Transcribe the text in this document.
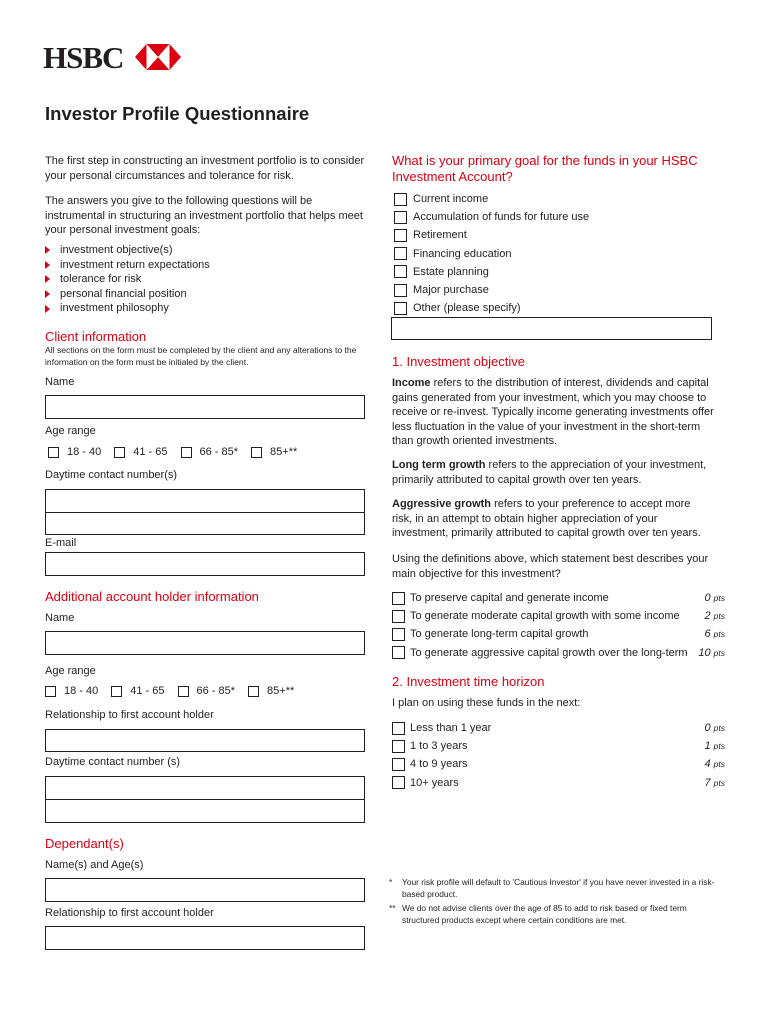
HSBC
Investor Profile Questionnaire
The first step in constructing an investment portfolio is to consider your personal circumstances and tolerance for risk.
The answers you give to the following questions will be instrumental in structuring an investment portfolio that helps meet your personal investment goals:
investment objective(s)
investment return expectations
tolerance for risk
personal financial position
investment philosophy
Client information
All sections on the form must be completed by the client and any alterations to the information on the form must be initialed by the client.
Name
Age range
18 - 40	41 - 65	66 - 85*	85+**
Daytime contact number(s)
E-mail
Additional account holder information
Name
Age range
18 - 40	41 - 65	66 - 85*	85+**
Relationship to first account holder
Daytime contact number (s)
Dependant(s)
Name(s) and Age(s)
Relationship to first account holder
What is your primary goal for the funds in your HSBC Investment Account?
Current income
Accumulation of funds for future use
Retirement
Financing education
Estate planning
Major purchase
Other (please specify)
1. Investment objective
Income refers to the distribution of interest, dividends and capital gains generated from your investment, which you may choose to receive or re-invest. Typically income generating investments offer less fluctuation in the value of your investment in the short-term than growth oriented investments.
Long term growth refers to the appreciation of your investment, primarily attributed to capital growth over ten years.
Aggressive growth refers to your preference to accept more risk, in an attempt to obtain higher appreciation of your investment, primarily attributed to capital growth over ten years.
Using the definitions above, which statement best describes your main objective for this investment?
To preserve capital and generate income	0 pts
To generate moderate capital growth with some income 2 pts
To generate long-term capital growth	6 pts
To generate aggressive capital growth over the long-term 10 pts
2. Investment time horizon
I plan on using these funds in the next:
Less than 1 year	0 pts
1 to 3 years	1 pts
4 to 9 years	4 pts
10+ years	7 pts
*	Your risk profile will default to 'Cautious Investor' if you have never invested in a risk-based product.
** We do not advise clients over the age of 85 to add to risk based or fixed term structured products except where certain conditions are met.
